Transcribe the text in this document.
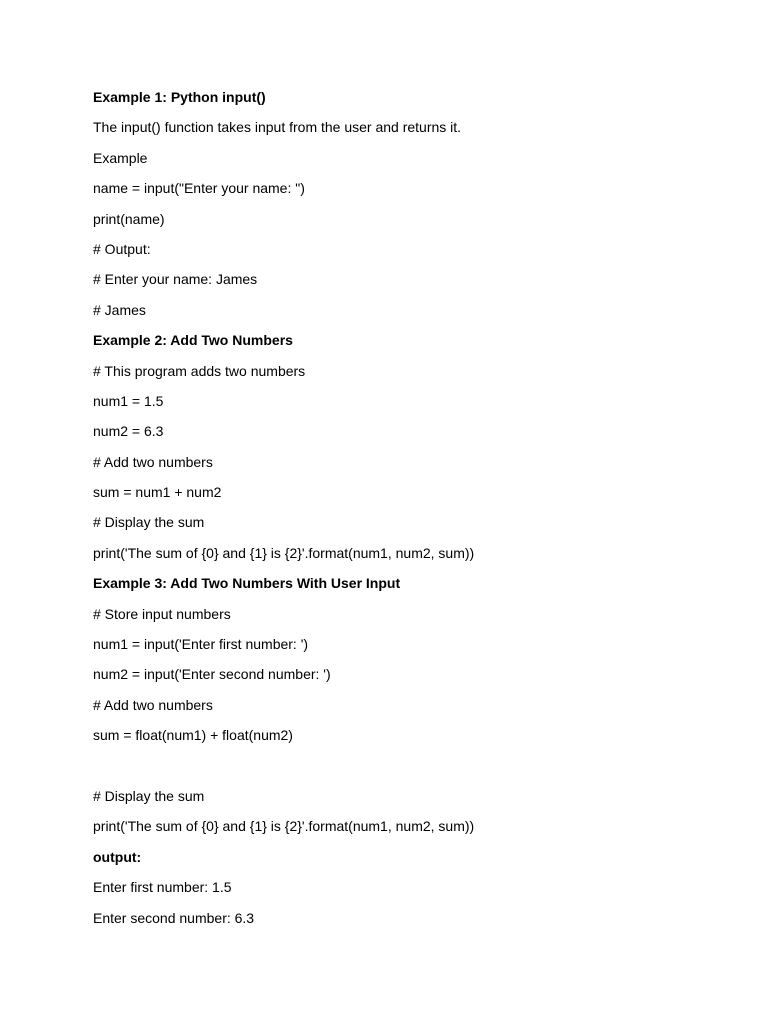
Example 1: Python input()
The input() function takes input from the user and returns it.
Example
name = input("Enter your name: ")
print(name)
# Output:
# Enter your name: James
# James
Example 2: Add Two Numbers
# This program adds two numbers
num1 = 1.5
num2 = 6.3
# Add two numbers
sum = num1 + num2
# Display the sum
print('The sum of {0} and {1} is {2}'.format(num1, num2, sum))
Example 3: Add Two Numbers With User Input
# Store input numbers
num1 = input('Enter first number: ')
num2 = input('Enter second number: ')
# Add two numbers
sum = float(num1) + float(num2)
# Display the sum
print('The sum of {0} and {1} is {2}'.format(num1, num2, sum))
output:
Enter first number: 1.5
Enter second number: 6.3
